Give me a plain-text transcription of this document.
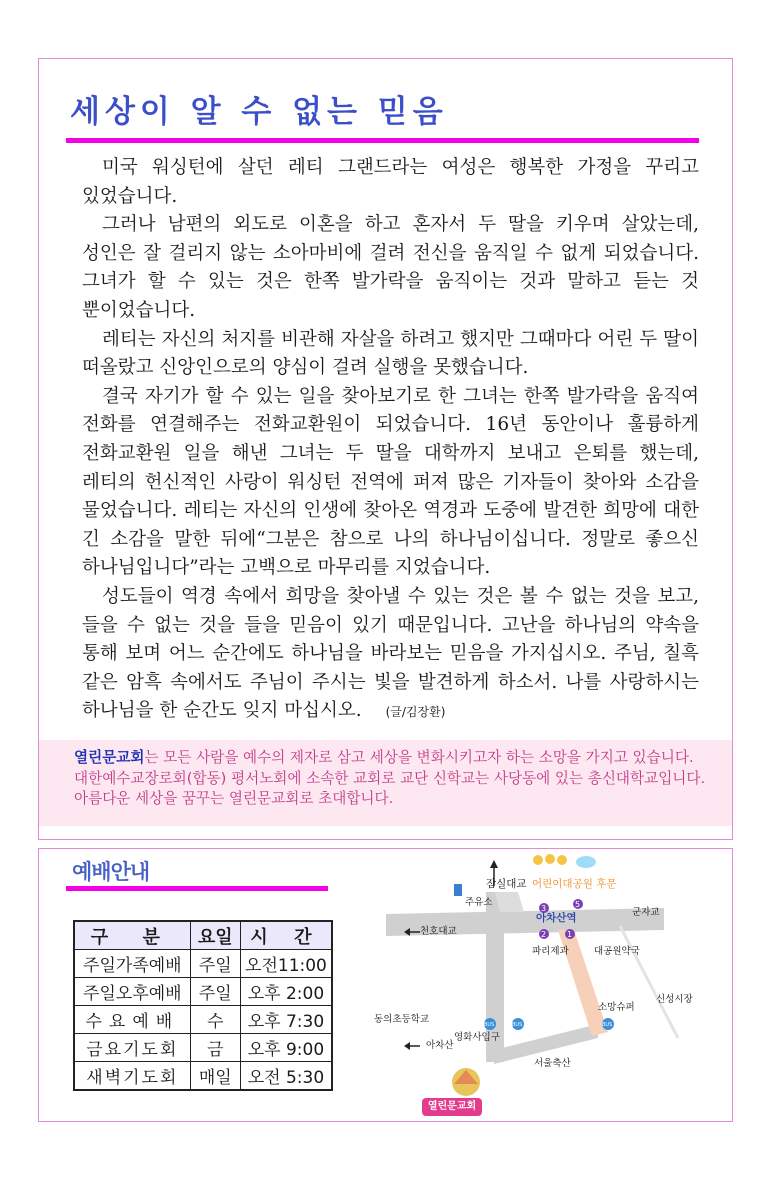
세상이 알 수 없는 믿음

미국 워싱턴에 살던 레티 그랜드라는 여성은 행복한 가정을 꾸리고 있었습니다.

그러나 남편의 외도로 이혼을 하고 혼자서 두 딸을 키우며 살았는데, 성인은 잘 걸리지 않는 소아마비에 걸려 전신을 움직일 수 없게 되었습니다. 그녀가 할 수 있는 것은 한쪽 발가락을 움직이는 것과 말하고 듣는 것 뿐이었습니다.

레티는 자신의 처지를 비관해 자살을 하려고 했지만 그때마다 어린 두 딸이 떠올랐고 신앙인으로의 양심이 걸려 실행을 못했습니다.

결국 자기가 할 수 있는 일을 찾아보기로 한 그녀는 한쪽 발가락을 움직여 전화를 연결해주는 전화교환원이 되었습니다. 16년 동안이나 훌륭하게 전화교환원 일을 해낸 그녀는 두 딸을 대학까지 보내고 은퇴를 했는데, 레티의 헌신적인 사랑이 워싱턴 전역에 퍼져 많은 기자들이 찾아와 소감을 물었습니다. 레티는 자신의 인생에 찾아온 역경과 도중에 발견한 희망에 대한 긴 소감을 말한 뒤에“그분은 참으로 나의 하나님이십니다. 정말로 좋으신 하나님입니다”라는 고백으로 마무리를 지었습니다.

성도들이 역경 속에서 희망을 찾아낼 수 있는 것은 볼 수 없는 것을 보고, 들을 수 없는 것을 들을 믿음이 있기 때문입니다. 고난을 하나님의 약속을 통해 보며 어느 순간에도 하나님을 바라보는 믿음을 가지십시오. 주님, 칠흑 같은 암흑 속에서도 주님이 주시는 빛을 발견하게 하소서. 나를 사랑하시는 하나님을 한 순간도 잊지 마십시오. (글/김장환)

열린문교회는 모든 사람을 예수의 제자로 삼고 세상을 변화시키고자 하는 소망을 가지고 있습니다. 대한예수교장로회(합동) 평서노회에 소속한 교회로 교단 신학교는 사당동에 있는 총신대학교입니다. 아름다운 세상을 꿈꾸는 열린문교회로 초대합니다.
예배안내
구 분	요일	시 간
주일가족예배	주일	오전11:00
주일오후예배	주일	오후 2:00
수요예배	수	오후 7:30
금요기도회	금	오후 9:00
새벽기도회	매일	오전 5:30
잠실대교 어린이대공원 후문
주유소
아차산역	군자교
천호대교
파리제과	대공원약국
소망슈퍼
신성시장
동의초등학교
영화사입구
아차산
서울축산
3	5
2	1
BUS	BUS	BUS
열린문교회
